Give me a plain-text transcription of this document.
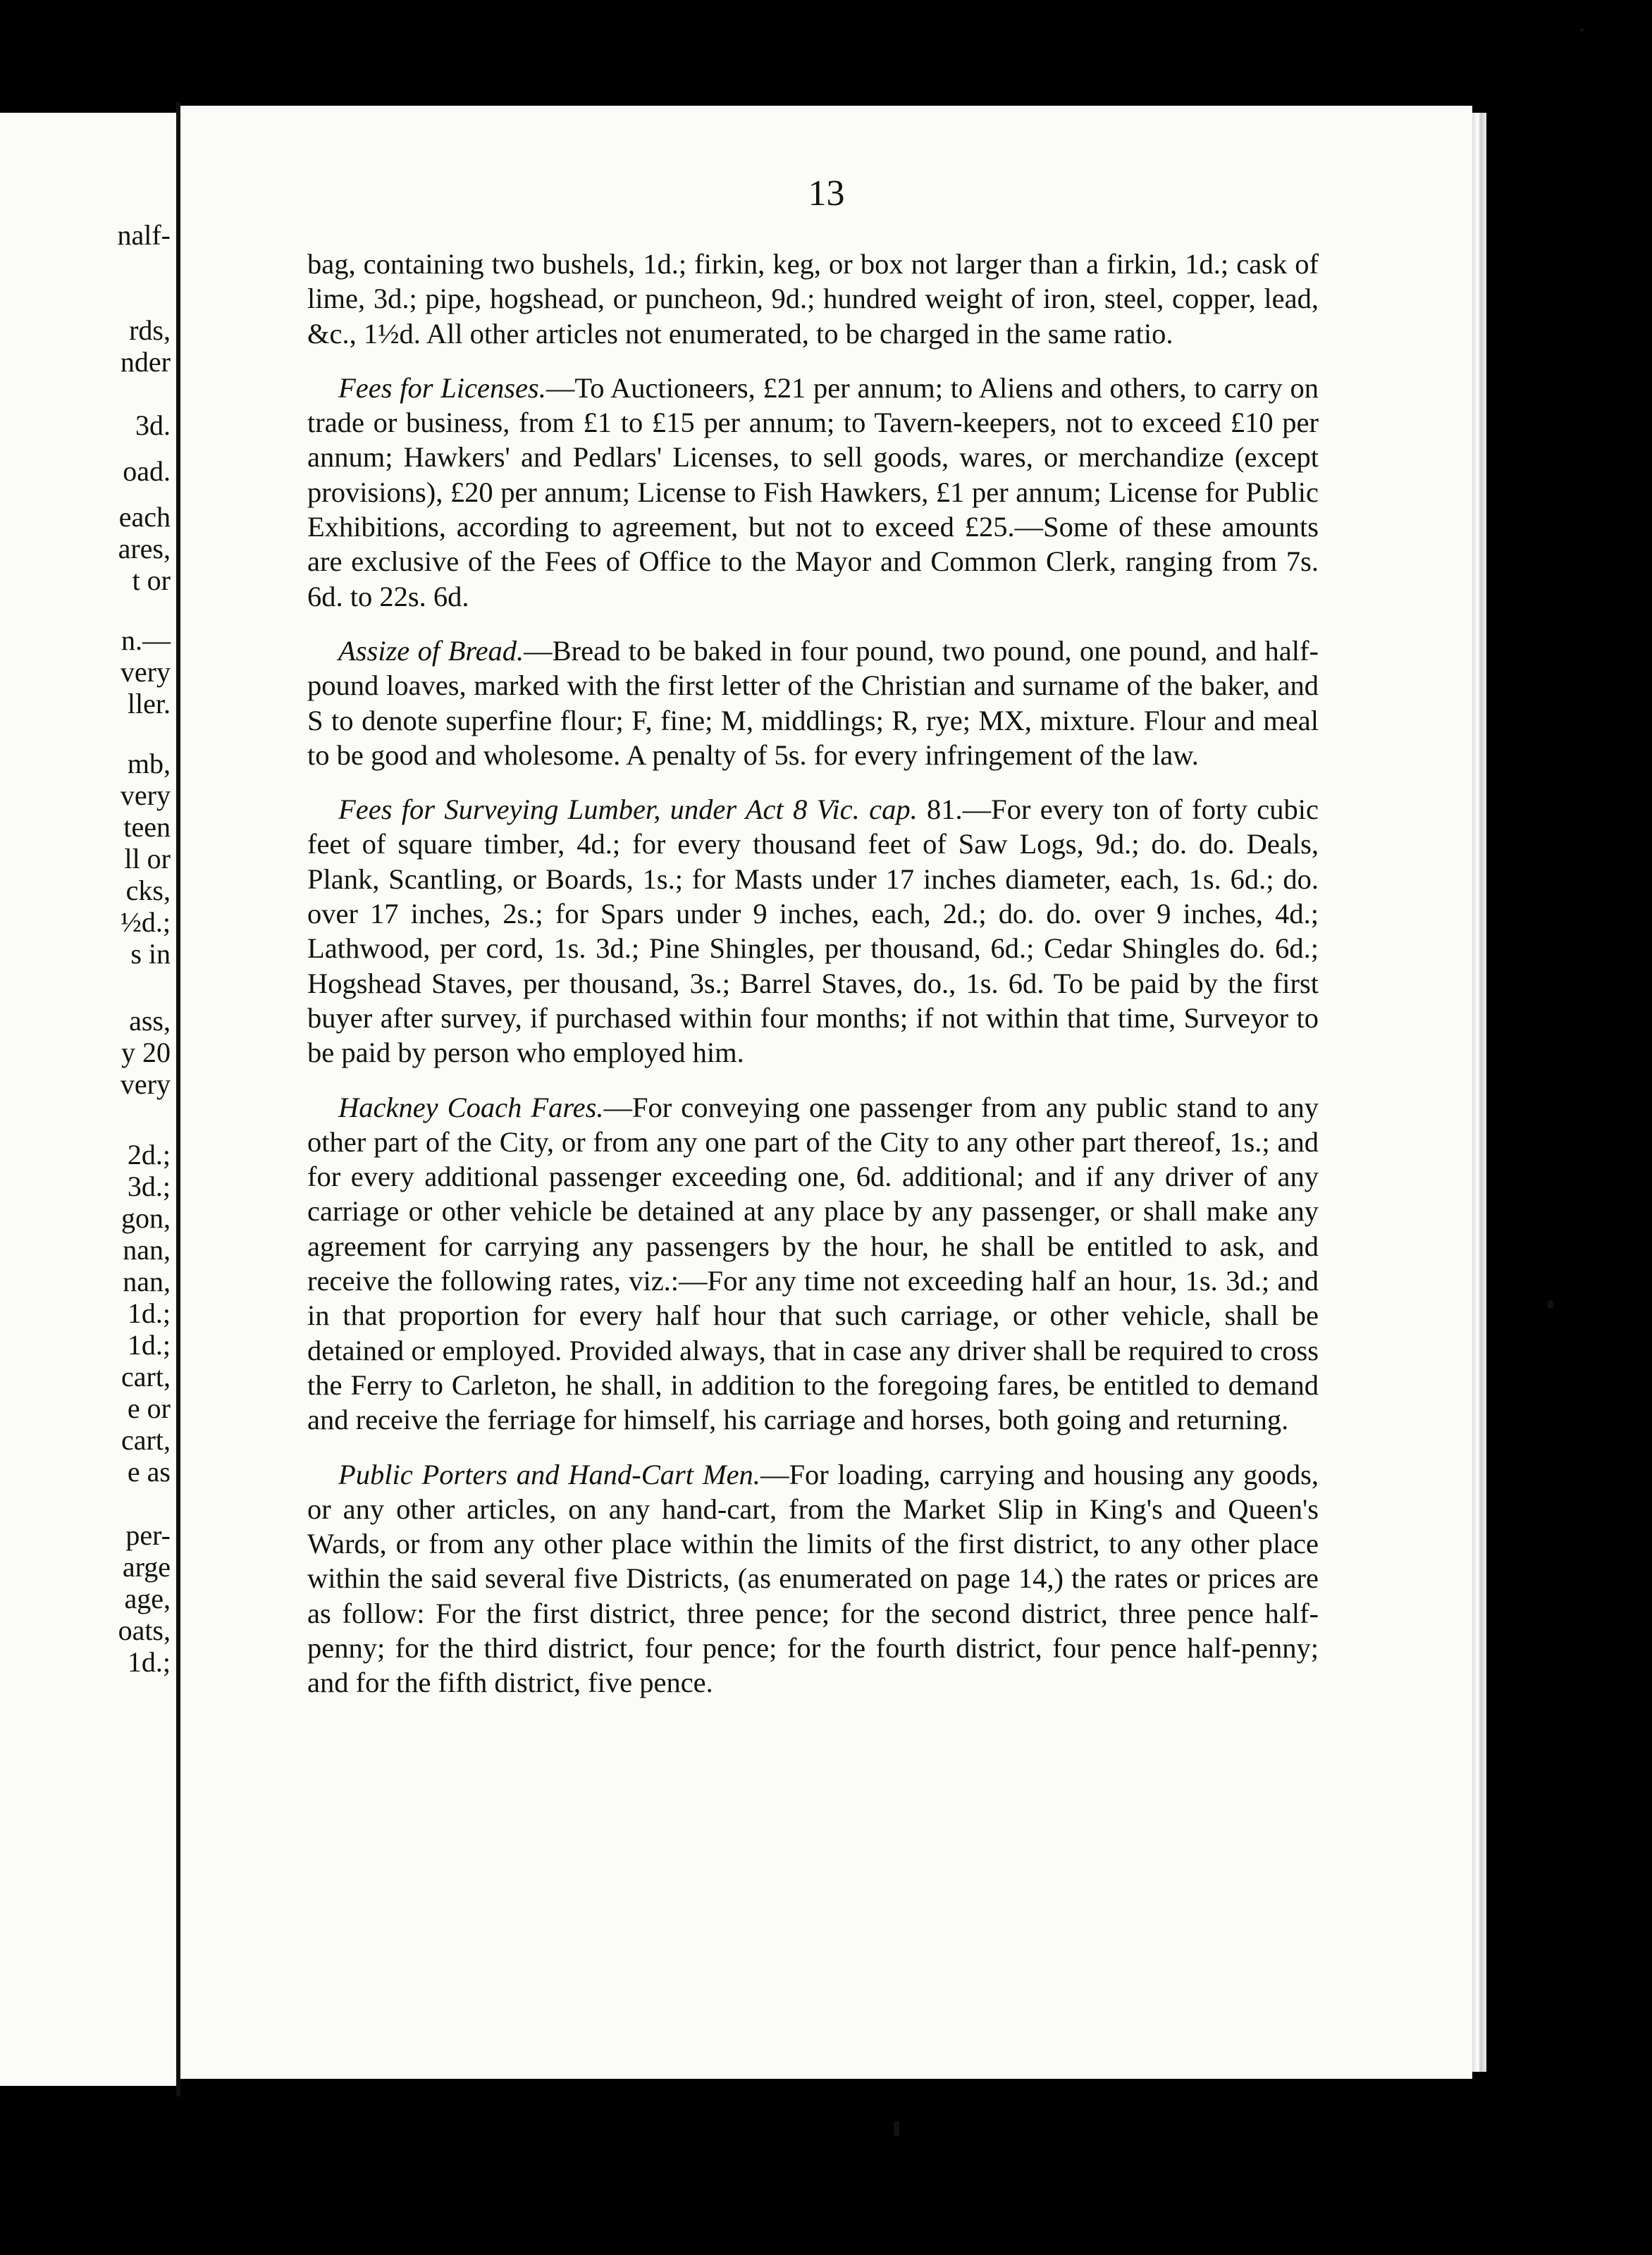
nalf-
rds,
nder
3d.
oad.
each
ares,
t or
n.—
very
ller.
mb,
very
teen
ll or
cks,
½d.;
s in
ass,
y 20
very
2d.;
3d.;
gon,
nan,
nan,
1d.;
1d.;
cart,
e or
cart,
e as
per-
arge
age,
oats,
1d.;
13

bag, containing two bushels, 1d.; firkin, keg, or box not larger than a firkin, 1d.; cask of lime, 3d.; pipe, hogshead, or puncheon, 9d.; hundred weight of iron, steel, copper, lead, &c., 1½d. All other articles not enumerated, to be charged in the same ratio.

Fees for Licenses.—To Auctioneers, £21 per annum; to Aliens and others, to carry on trade or business, from £1 to £15 per annum; to Tavern-keepers, not to exceed £10 per annum; Hawkers' and Pedlars' Licenses, to sell goods, wares, or merchandize (except provisions), £20 per annum; License to Fish Hawkers, £1 per annum; License for Public Exhibitions, according to agreement, but not to exceed £25.—Some of these amounts are exclusive of the Fees of Office to the Mayor and Common Clerk, ranging from 7s. 6d. to 22s. 6d.

Assize of Bread.—Bread to be baked in four pound, two pound, one pound, and half-pound loaves, marked with the first letter of the Christian and surname of the baker, and S to denote superfine flour; F, fine; M, middlings; R, rye; MX, mixture. Flour and meal to be good and wholesome. A penalty of 5s. for every infringement of the law.

Fees for Surveying Lumber, under Act 8 Vic. cap. 81.—For every ton of forty cubic feet of square timber, 4d.; for every thousand feet of Saw Logs, 9d.; do. do. Deals, Plank, Scantling, or Boards, 1s.; for Masts under 17 inches diameter, each, 1s. 6d.; do. over 17 inches, 2s.; for Spars under 9 inches, each, 2d.; do. do. over 9 inches, 4d.; Lathwood, per cord, 1s. 3d.; Pine Shingles, per thousand, 6d.; Cedar Shingles do. 6d.; Hogshead Staves, per thousand, 3s.; Barrel Staves, do., 1s. 6d. To be paid by the first buyer after survey, if purchased within four months; if not within that time, Surveyor to be paid by person who employed him.

Hackney Coach Fares.—For conveying one passenger from any public stand to any other part of the City, or from any one part of the City to any other part thereof, 1s.; and for every additional passenger exceeding one, 6d. additional; and if any driver of any carriage or other vehicle be detained at any place by any passenger, or shall make any agreement for carrying any passengers by the hour, he shall be entitled to ask, and receive the following rates, viz.:—For any time not exceeding half an hour, 1s. 3d.; and in that proportion for every half hour that such carriage, or other vehicle, shall be detained or employed. Provided always, that in case any driver shall be required to cross the Ferry to Carleton, he shall, in addition to the foregoing fares, be entitled to demand and receive the ferriage for himself, his carriage and horses, both going and returning.

Public Porters and Hand-Cart Men.—For loading, carrying and housing any goods, or any other articles, on any hand-cart, from the Market Slip in King's and Queen's Wards, or from any other place within the limits of the first district, to any other place within the said several five Districts, (as enumerated on page 14,) the rates or prices are as follow: For the first district, three pence; for the second district, three pence half-penny; for the third district, four pence; for the fourth district, four pence half-penny; and for the fifth district, five pence.
